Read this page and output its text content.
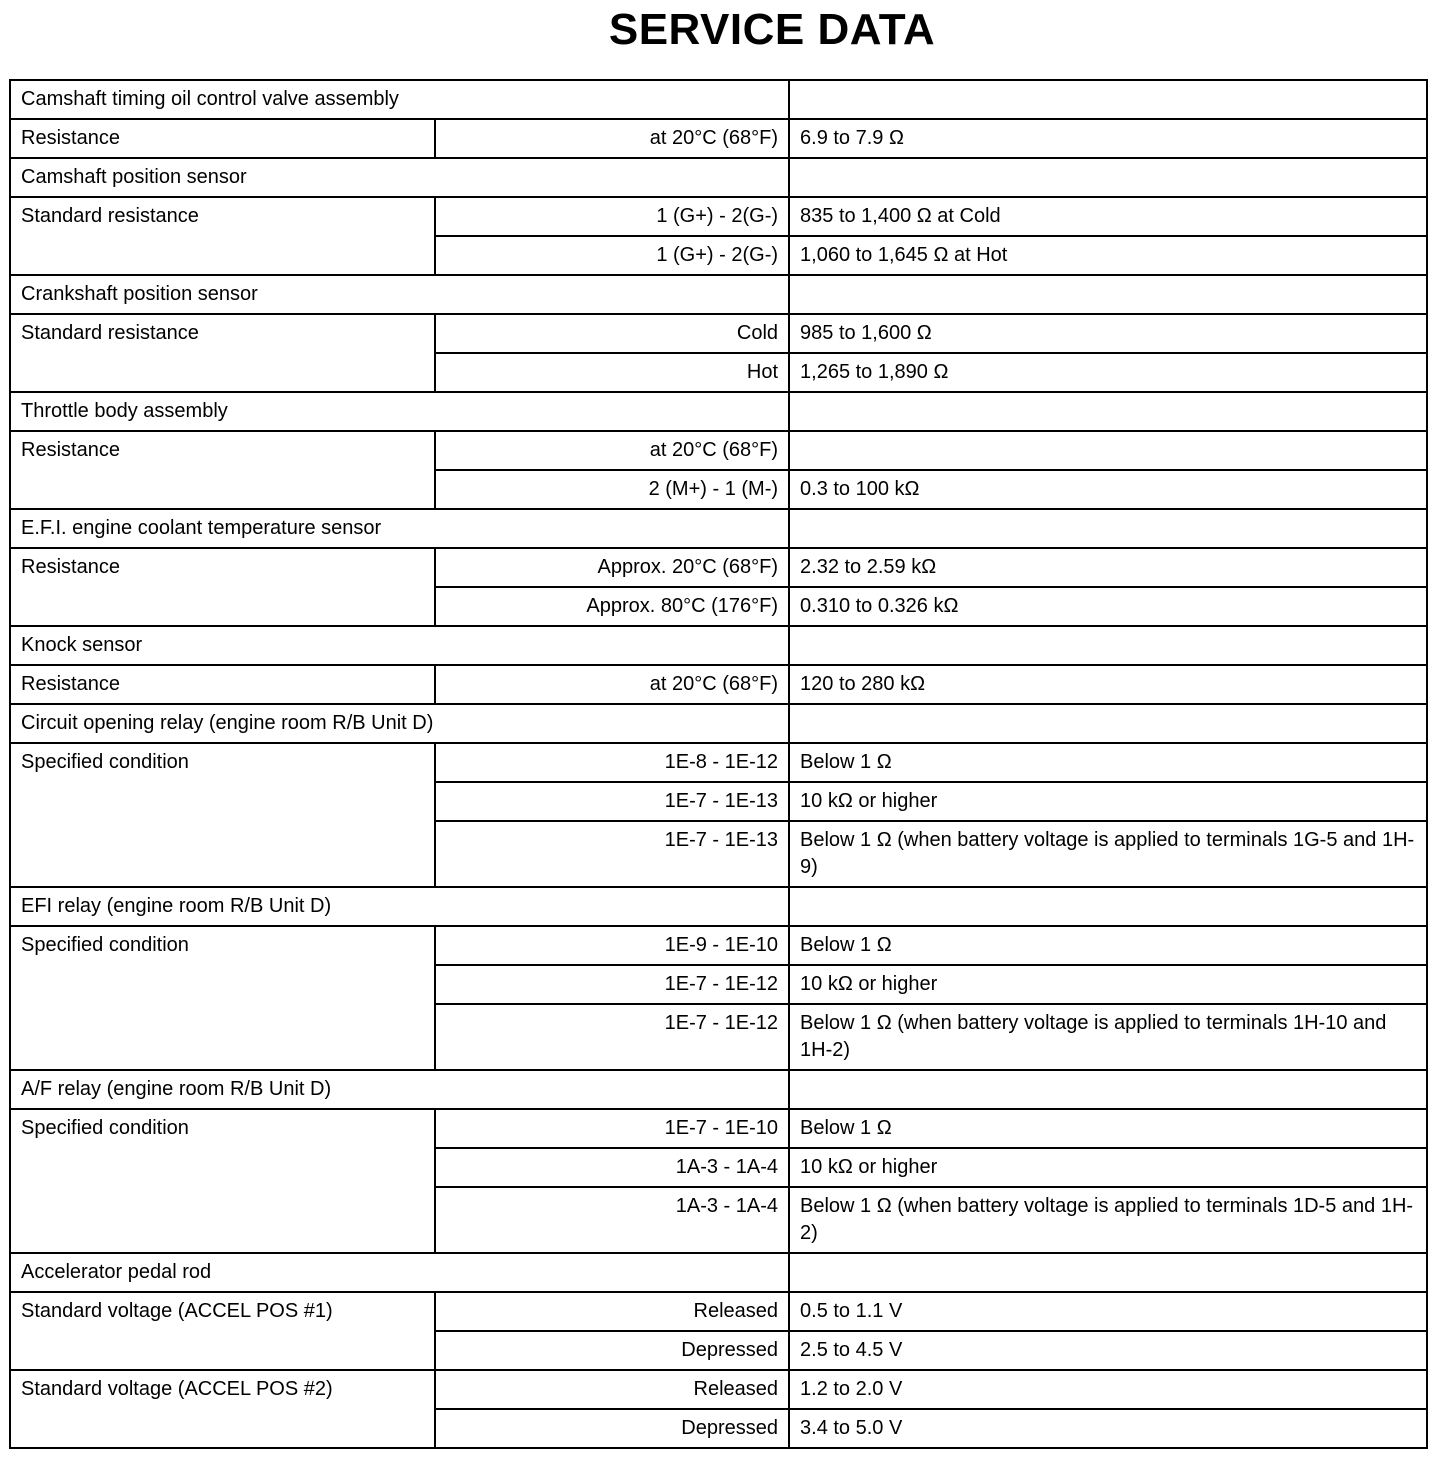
SERVICE DATA
Camshaft timing oil control valve assembly		
Resistance	at 20°C (68°F)	6.9 to 7.9 Ω
Camshaft position sensor		
Standard resistance	1 (G+) - 2(G-)	835 to 1,400 Ω at Cold
	1 (G+) - 2(G-)	1,060 to 1,645 Ω at Hot
Crankshaft position sensor		
Standard resistance	Cold	985 to 1,600 Ω
	Hot	1,265 to 1,890 Ω
Throttle body assembly		
Resistance	at 20°C (68°F)	
	2 (M+) - 1 (M-)	0.3 to 100 kΩ
E.F.I. engine coolant temperature sensor		
Resistance	Approx. 20°C (68°F)	2.32 to 2.59 kΩ
	Approx. 80°C (176°F)	0.310 to 0.326 kΩ
Knock sensor		
Resistance	at 20°C (68°F)	120 to 280 kΩ
Circuit opening relay (engine room R/B Unit D)		
Specified condition	1E-8 - 1E-12	Below 1 Ω
	1E-7 - 1E-13	10 kΩ or higher
	1E-7 - 1E-13	Below 1 Ω (when battery voltage is applied to terminals 1G-5 and 1H-9)
EFI relay (engine room R/B Unit D)		
Specified condition	1E-9 - 1E-10	Below 1 Ω
	1E-7 - 1E-12	10 kΩ or higher
	1E-7 - 1E-12	Below 1 Ω (when battery voltage is applied to terminals 1H-10 and 1H-2)
A/F relay (engine room R/B Unit D)		
Specified condition	1E-7 - 1E-10	Below 1 Ω
	1A-3 - 1A-4	10 kΩ or higher
	1A-3 - 1A-4	Below 1 Ω (when battery voltage is applied to terminals 1D-5 and 1H-2)
Accelerator pedal rod		
Standard voltage (ACCEL POS #1)	Released	0.5 to 1.1 V
	Depressed	2.5 to 4.5 V
Standard voltage (ACCEL POS #2)	Released	1.2 to 2.0 V
	Depressed	3.4 to 5.0 V
